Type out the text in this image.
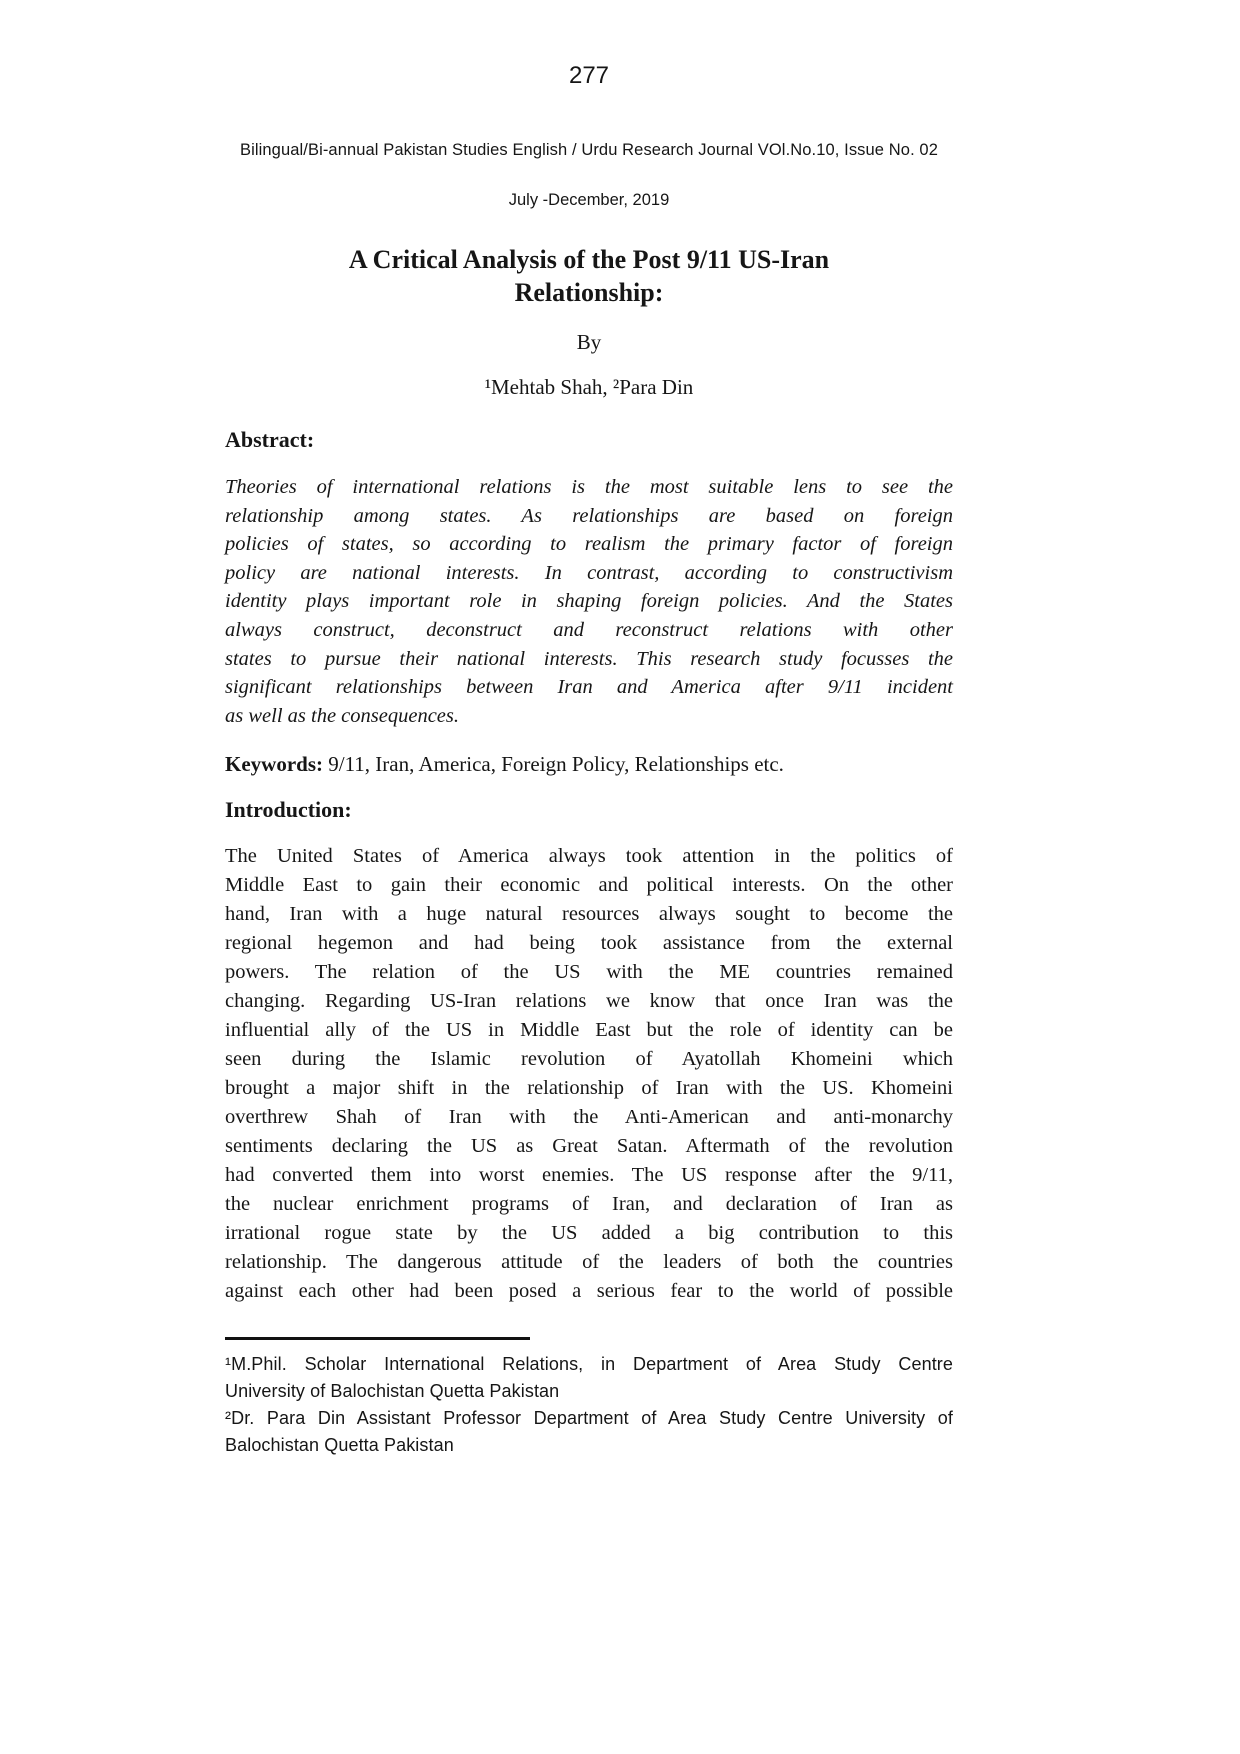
277
Bilingual/Bi-annual Pakistan Studies English / Urdu Research Journal VOl.No.10, Issue No. 02
July -December, 2019
A Critical Analysis of the Post 9/11 US-Iran
Relationship:
By
¹Mehtab Shah, ²Para Din
Abstract:
Theories of international relations is the most suitable lens to see the
relationship among states. As relationships are based on foreign
policies of states, so according to realism the primary factor of foreign
policy are national interests. In contrast, according to constructivism
identity plays important role in shaping foreign policies. And the States
always construct, deconstruct and reconstruct relations with other
states to pursue their national interests. This research study focusses the
significant relationships between Iran and America after 9/11 incident
as well as the consequences.
Keywords: 9/11, Iran, America, Foreign Policy, Relationships etc.
Introduction:
The United States of America always took attention in the politics of
Middle East to gain their economic and political interests. On the other
hand, Iran with a huge natural resources always sought to become the
regional hegemon and had being took assistance from the external
powers. The relation of the US with the ME countries remained
changing. Regarding US-Iran relations we know that once Iran was the
influential ally of the US in Middle East but the role of identity can be
seen during the Islamic revolution of Ayatollah Khomeini which
brought a major shift in the relationship of Iran with the US. Khomeini
overthrew Shah of Iran with the Anti-American and anti-monarchy
sentiments declaring the US as Great Satan. Aftermath of the revolution
had converted them into worst enemies. The US response after the 9/11,
the nuclear enrichment programs of Iran, and declaration of Iran as
irrational rogue state by the US added a big contribution to this
relationship. The dangerous attitude of the leaders of both the countries
against each other had been posed a serious fear to the world of possible
¹M.Phil. Scholar International Relations, in Department of Area Study Centre
University of Balochistan Quetta Pakistan
²Dr. Para Din Assistant Professor Department of Area Study Centre University of
Balochistan Quetta Pakistan
